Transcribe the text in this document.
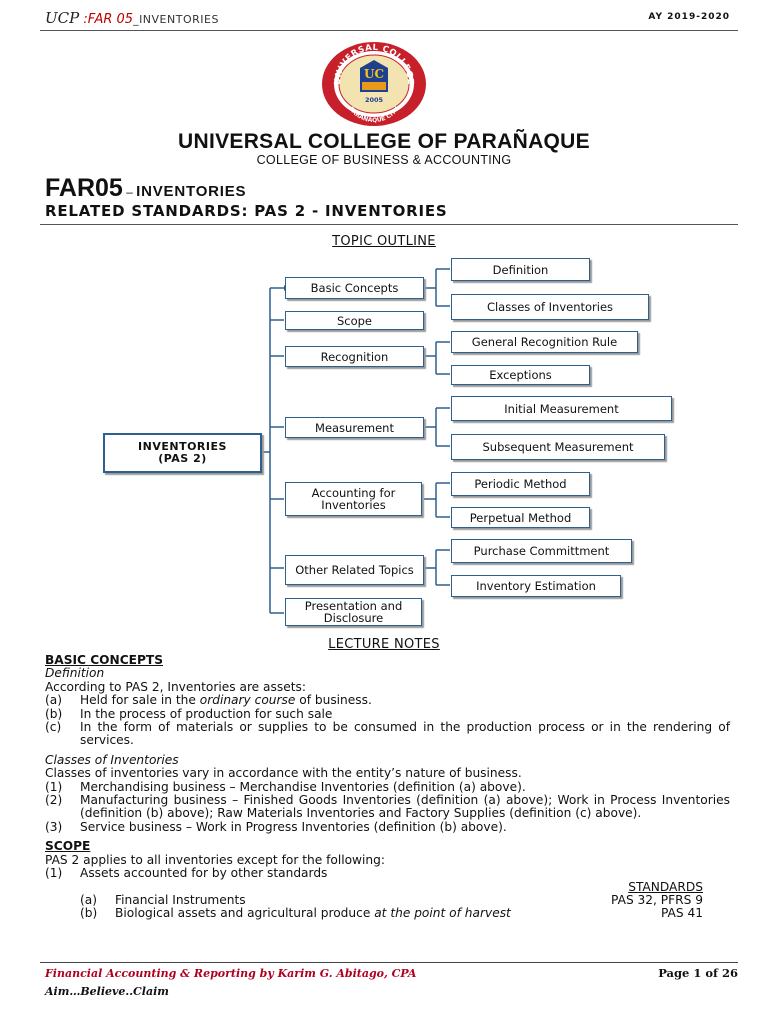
UCP :FAR 05_INVENTORIES	AY 2019-2020
UNIVERSAL COLLEGE
PARAÑAQUE CITY
UC
2005
UNIVERSAL COLLEGE OF PARAÑAQUE
COLLEGE OF BUSINESS & ACCOUNTING
FAR05 – INVENTORIES
RELATED STANDARDS: PAS 2 - INVENTORIES
TOPIC OUTLINE
INVENTORIES
(PAS 2)
Basic Concepts
Scope
Recognition
Measurement
Accounting for Inventories
Other Related Topics
Presentation and Disclosure
Definition
Classes of Inventories
General Recognition Rule
Exceptions
Initial Measurement
Subsequent Measurement
Periodic Method
Perpetual Method
Purchase Committment
Inventory Estimation
LECTURE NOTES

BASIC CONCEPTS

Definition

According to PAS 2, Inventories are assets:

(a)	Held for sale in the ordinary course of business.
(b)	In the process of production for such sale
(c)	In the form of materials or supplies to be consumed in the production process or in the rendering of services.

Classes of Inventories

Classes of inventories vary in accordance with the entity’s nature of business.

(1)	Merchandising business – Merchandise Inventories (definition (a) above).
(2)	Manufacturing business – Finished Goods Inventories (definition (a) above); Work in Process Inventories (definition (b) above); Raw Materials Inventories and Factory Supplies (definition (c) above).
(3)	Service business – Work in Progress Inventories (definition (b) above).

SCOPE

PAS 2 applies to all inventories except for the following:

(1)	Assets accounted for by other standards
STANDARDS
(a)	Financial Instruments	PAS 32, PFRS 9
(b)	Biological assets and agricultural produce at the point of harvest	PAS 41
Financial Accounting & Reporting by Karim G. Abitago, CPA	Page 1 of 26
Aim…Believe..Claim
